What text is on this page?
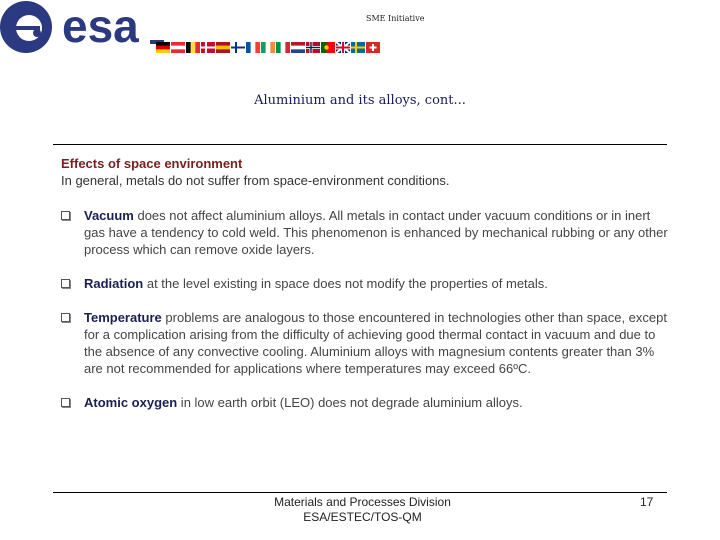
esa	SME Initiative
Aluminium and its alloys, cont...
Effects of space environment
In general, metals do not suffer from space-environment conditions.
Vacuum does not affect aluminium alloys. All metals in contact under vacuum conditions or in inert gas have a tendency to cold weld. This phenomenon is enhanced by mechanical rubbing or any other process which can remove oxide layers.
Radiation at the level existing in space does not modify the properties of metals.
Temperature problems are analogous to those encountered in technologies other than space, except for a complication arising from the difficulty of achieving good thermal contact in vacuum and due to the absence of any convective cooling. Aluminium alloys with magnesium contents greater than 3% are not recommended for applications where temperatures may exceed 66ºC.
Atomic oxygen in low earth orbit (LEO) does not degrade aluminium alloys.
Materials and Processes Division
ESA/ESTEC/TOS-QM
17
